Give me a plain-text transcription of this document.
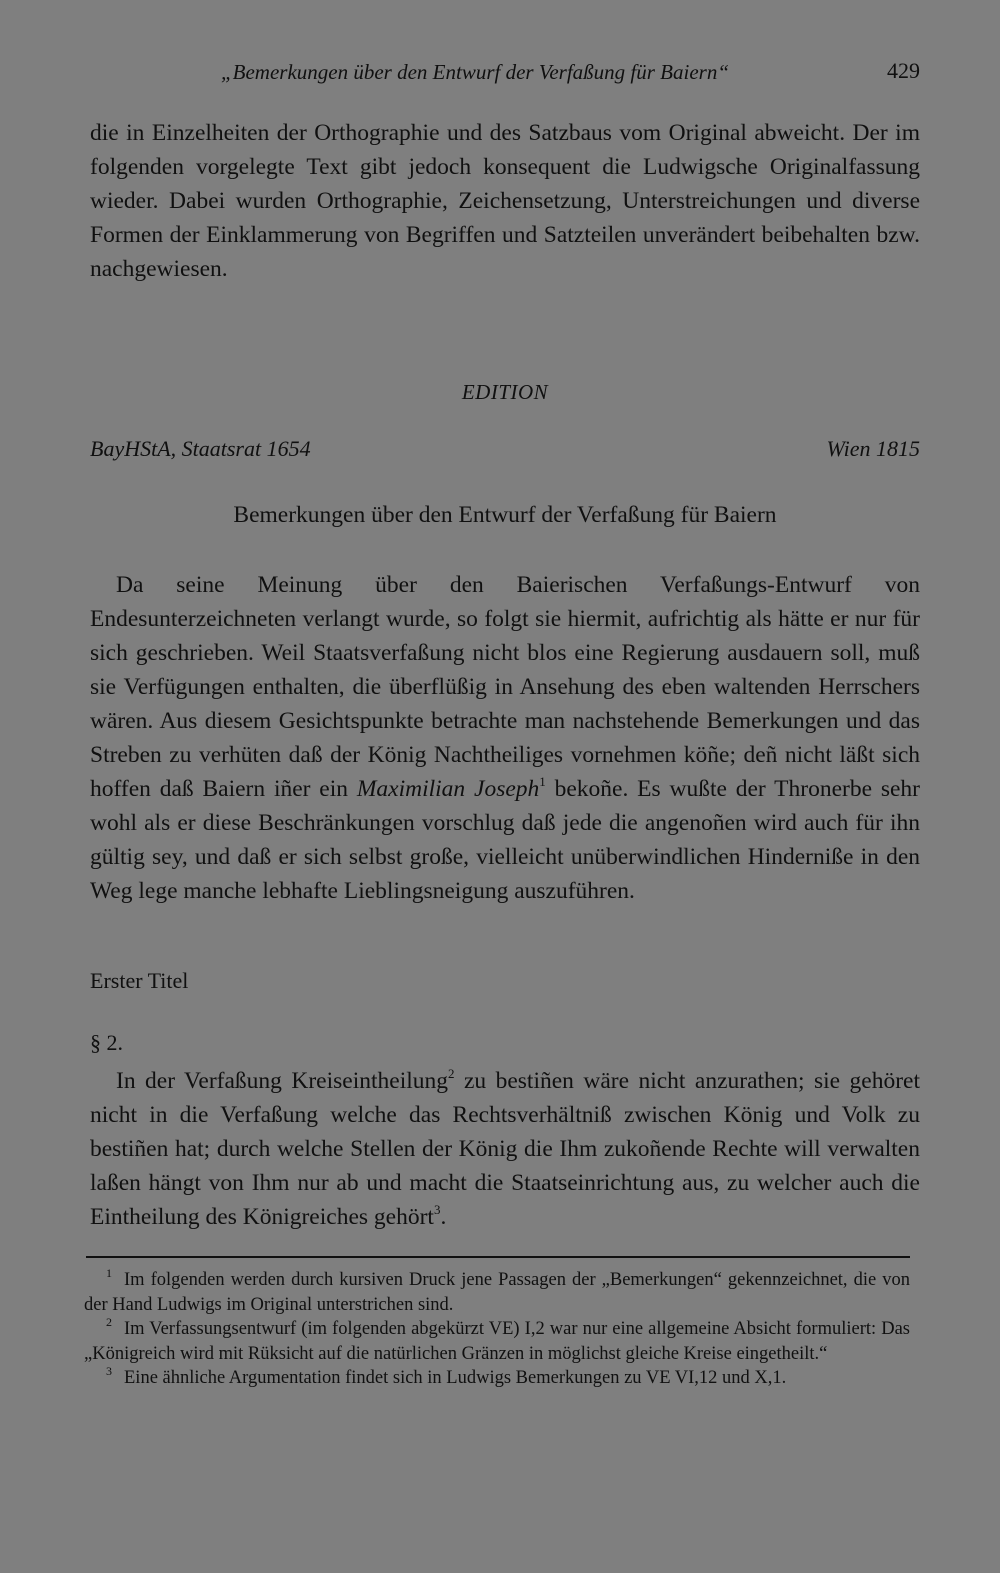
„Bemerkungen über den Entwurf der Verfaßung für Baiern“	429

die in Einzelheiten der Orthographie und des Satzbaus vom Original abweicht. Der im folgenden vorgelegte Text gibt jedoch konsequent die Ludwigsche Originalfassung wieder. Dabei wurden Orthographie, Zeichensetzung, Unterstreichungen und diverse Formen der Einklammerung von Begriffen und Satzteilen unverändert beibehalten bzw. nachgewiesen.

EDITION
BayHStA, Staatsrat 1654	Wien 1815
Bemerkungen über den Entwurf der Verfaßung für Baiern

Da seine Meinung über den Baierischen Verfaßungs-Entwurf von Endesunterzeichneten verlangt wurde, so folgt sie hiermit, aufrichtig als hätte er nur für sich geschrieben. Weil Staatsverfaßung nicht blos eine Regierung ausdauern soll, muß sie Verfügungen enthalten, die überflüßig in Ansehung des eben waltenden Herrschers wären. Aus diesem Gesichtspunkte betrachte man nachstehende Bemerkungen und das Streben zu verhüten daß der König Nachtheiliges vornehmen köñe; deñ nicht läßt sich hoffen daß Baiern iñer ein Maximilian Joseph$^1$ bekoñe. Es wußte der Thronerbe sehr wohl als er diese Beschränkungen vorschlug daß jede die angenoñen wird auch für ihn gültig sey, und daß er sich selbst große, vielleicht unüberwindlichen Hinderniße in den Weg lege manche lebhafte Lieblingsneigung auszuführen.

Erster Titel
§ 2.

In der Verfaßung Kreiseintheilung$^2$ zu bestiñen wäre nicht anzurathen; sie gehöret nicht in die Verfaßung welche das Rechtsverhältniß zwischen König und Volk zu bestiñen hat; durch welche Stellen der König die Ihm zukoñende Rechte will verwalten laßen hängt von Ihm nur ab und macht die Staatseinrichtung aus, zu welcher auch die Eintheilung des Königreiches gehört$^3$.

$^1$ Im folgenden werden durch kursiven Druck jene Passagen der „Bemerkungen“ gekennzeichnet, die von der Hand Ludwigs im Original unterstrichen sind.

$^2$ Im Verfassungsentwurf (im folgenden abgekürzt VE) I,2 war nur eine allgemeine Absicht formuliert: Das „Königreich wird mit Rüksicht auf die natürlichen Gränzen in möglichst gleiche Kreise eingetheilt.“

$^3$ Eine ähnliche Argumentation findet sich in Ludwigs Bemerkungen zu VE VI,12 und X,1.
